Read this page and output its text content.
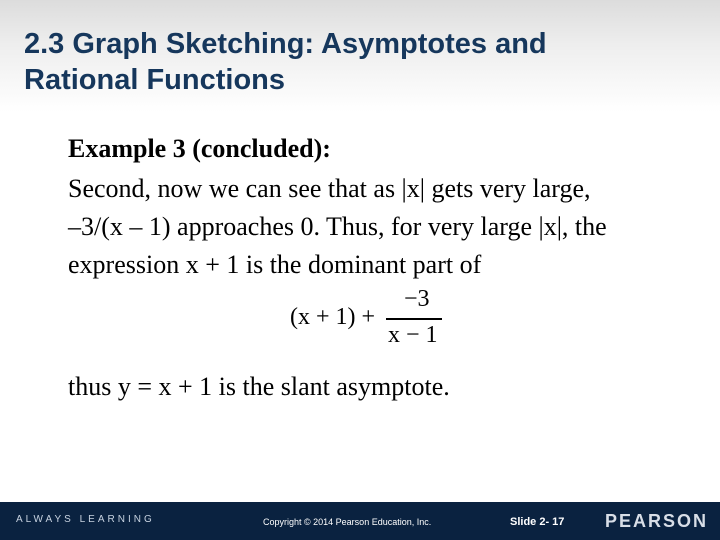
2.3 Graph Sketching: Asymptotes and
Rational Functions
Example 3 (concluded):
Second, now we can see that as |x| gets very large,
–3/(x – 1) approaches 0. Thus, for very large |x|, the
expression x + 1 is the dominant part of
(x + 1) +
−3
x − 1
thus y = x + 1 is the slant asymptote.
ALWAYS LEARNING	Copyright © 2014 Pearson Education, Inc.	Slide 2- 17 PEARSON
